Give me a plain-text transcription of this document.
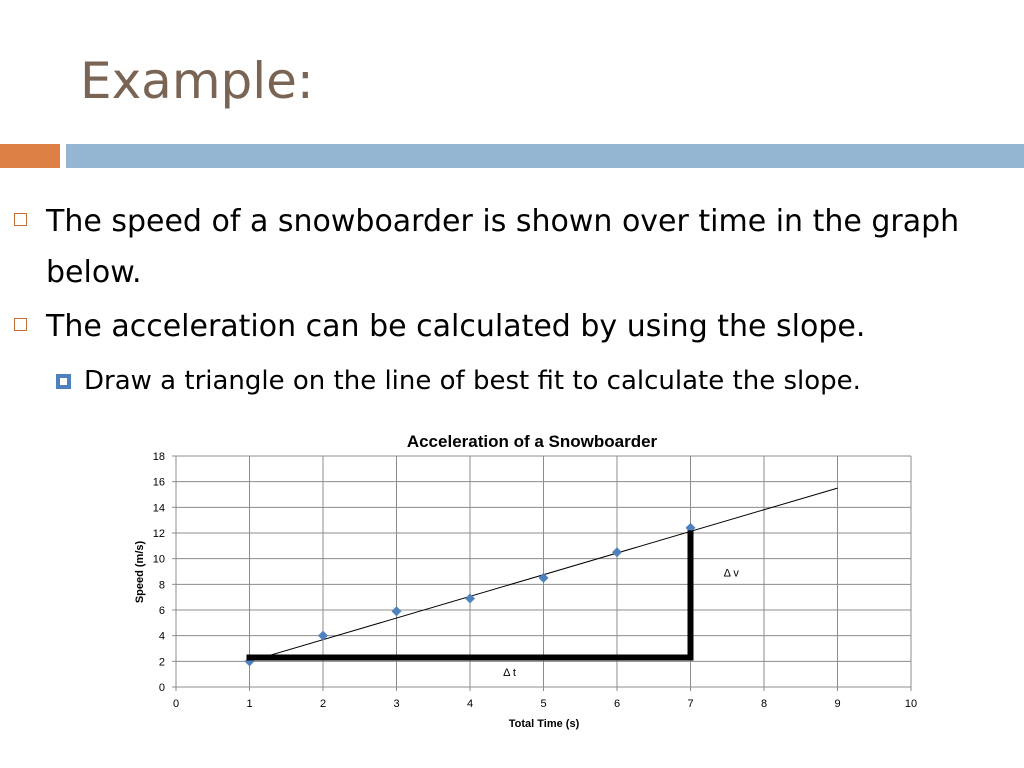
Example:
The speed of a snowboarder is shown over time in the graph below.
The acceleration can be calculated by using the slope.
Draw a triangle on the line of best fit to calculate the slope.
0
2
4
6
8
10
12
14
16
18
0	1	2	3	4	5	6	7	8	9	10
Δ t
Δ v
Acceleration of a Snowboarder
Total Time (s)
Speed (m/s)
